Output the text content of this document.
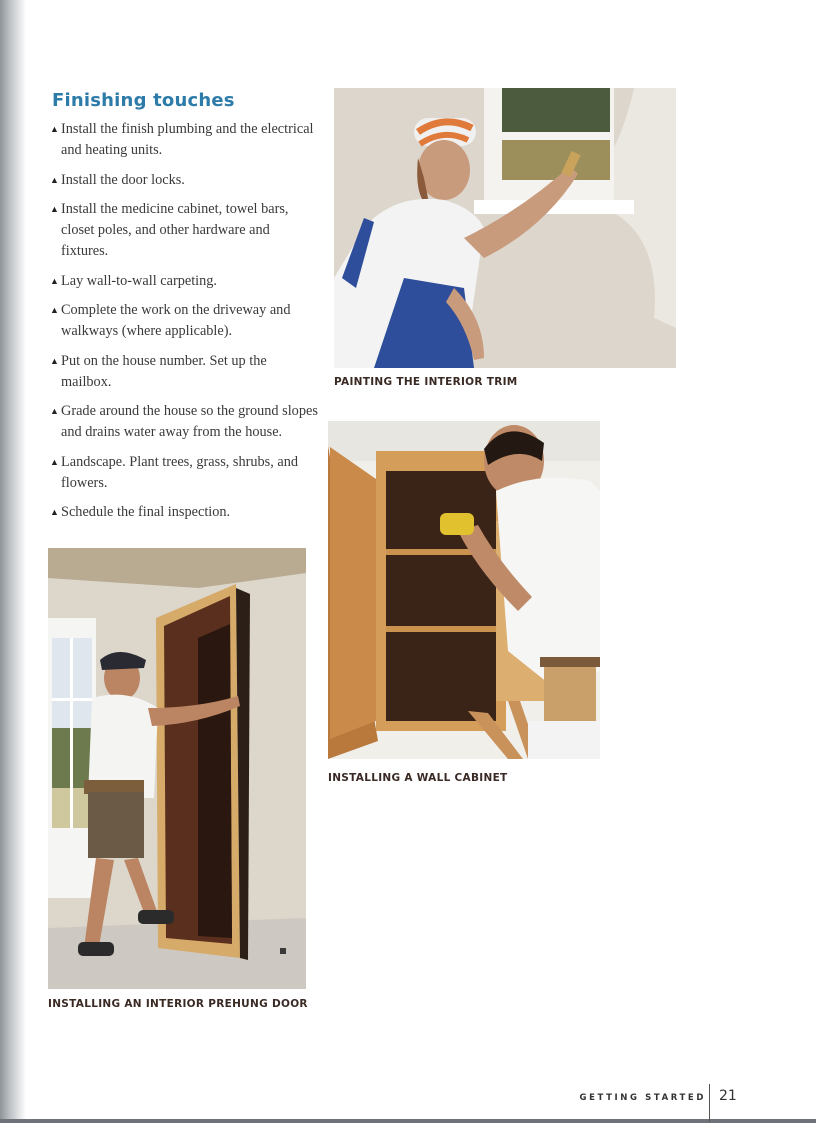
Finishing touches
▲ Install the finish plumbing and the electrical and heating units.
▲ Install the door locks.
▲ Install the medicine cabinet, towel bars, closet poles, and other hardware and fixtures.
▲ Lay wall-to-wall carpeting.
▲ Complete the work on the driveway and walkways (where applicable).
▲ Put on the house number. Set up the mailbox.
▲ Grade around the house so the ground slopes and drains water away from the house.
▲ Landscape. Plant trees, grass, shrubs, and flowers.
▲ Schedule the final inspection.

PAINTING THE INTERIOR TRIM

INSTALLING A WALL CABINET

INSTALLING AN INTERIOR PREHUNG DOOR

GETTING STARTED 21
